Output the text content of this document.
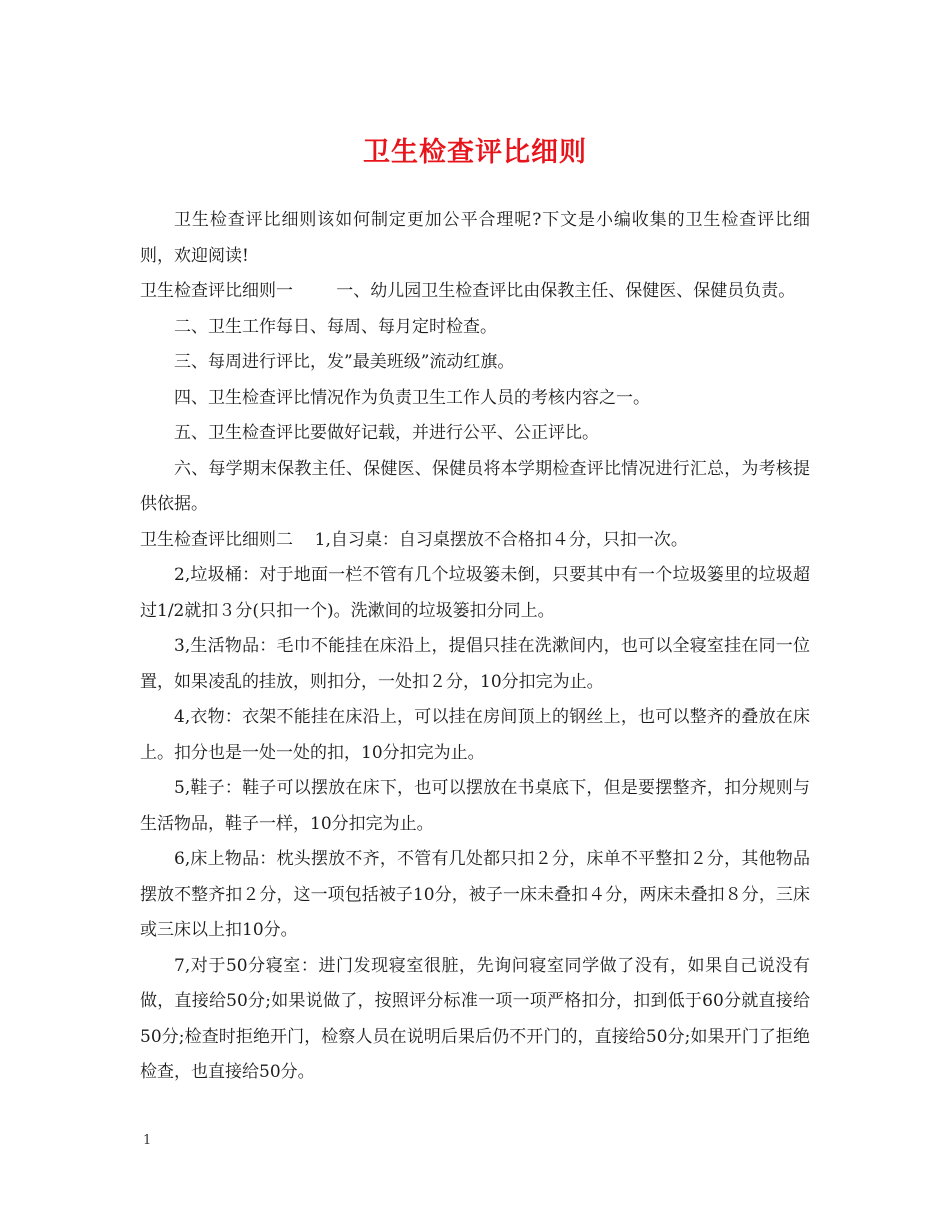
卫生检查评比细则

卫生检查评比细则该如何制定更加公平合理呢?下文是小编收集的卫生检查评比细则，欢迎阅读!

卫生检查评比细则一	一、幼儿园卫生检查评比由保教主任、保健医、保健员负责。

二、卫生工作每日、每周、每月定时检查。

三、每周进行评比，发”最美班级”流动红旗。

四、卫生检查评比情况作为负责卫生工作人员的考核内容之一。

五、卫生检查评比要做好记载，并进行公平、公正评比。

六、每学期末保教主任、保健医、保健员将本学期检查评比情况进行汇总，为考核提供依据。

卫生检查评比细则二 1,自习桌：自习桌摆放不合格扣４分，只扣一次。

2,垃圾桶：对于地面一栏不管有几个垃圾篓未倒，只要其中有一个垃圾篓里的垃圾超过1/2就扣３分(只扣一个)。洗漱间的垃圾篓扣分同上。

3,生活物品：毛巾不能挂在床沿上，提倡只挂在洗漱间内，也可以全寝室挂在同一位置，如果凌乱的挂放，则扣分，一处扣２分，10分扣完为止。

4,衣物：衣架不能挂在床沿上，可以挂在房间顶上的钢丝上，也可以整齐的叠放在床上。扣分也是一处一处的扣，10分扣完为止。

5,鞋子：鞋子可以摆放在床下，也可以摆放在书桌底下，但是要摆整齐，扣分规则与生活物品，鞋子一样，10分扣完为止。

6,床上物品：枕头摆放不齐，不管有几处都只扣２分，床单不平整扣２分，其他物品摆放不整齐扣２分，这一项包括被子10分，被子一床未叠扣４分，两床未叠扣８分，三床或三床以上扣10分。

7,对于50分寝室：进门发现寝室很脏，先询问寝室同学做了没有，如果自己说没有做，直接给50分;如果说做了，按照评分标准一项一项严格扣分，扣到低于60分就直接给50分;检查时拒绝开门，检察人员在说明后果后仍不开门的，直接给50分;如果开门了拒绝检查，也直接给50分。

1
